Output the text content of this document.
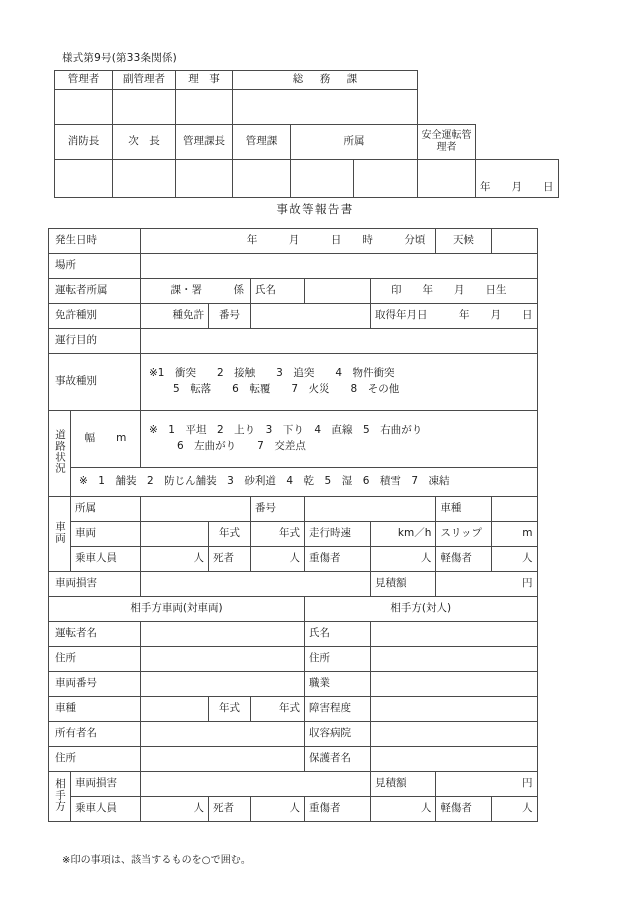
様式第9号(第33条関係)
管理者	副管理者	理　事	総　務　課				

消防長	次　長	管理課長	管理課	所属		安全運転管理者	
							年　　月　　日
事故等報告書
発生日時		年　　　月　　　日　　時　　　分頃					天候	
場所								
運転者所属		課・署　　　係		氏名		印　　年　　月　　日生		
免許種別		種免許	番号			取得年月日　　　年　　月　　日		
運行目的								
事故種別		※1　衝突　　2　接触　　3　追突　　4　物件衝突
5　転落　　6　転覆　　7　火災　　8　その他						

道路状況	幅　　m	※　1　平坦　2　上り　3　下り　4　直線　5　右曲がり
6　左曲がり　　7　交差点						

	※　1　舗装　2　防じん舗装　3　砂利道　4　乾　5　湿　6　積雪　7　凍結							
車両	所属			番号			車種	
	車両		年式	年式	走行時速	km／h	スリップ	m
	乗車人員	人	死者	人	重傷者	人	軽傷者	人
車両損害						見積額	円	
相手方車両(対車両)					相手方(対人)			
運転者名					氏名			
住所					住所			
車両番号					職業			
車種			年式	年式	障害程度			
所有者名					収容病院			
住所					保護者名			
相手方	車両損害					見積額	円	
	乗車人員	人	死者	人	重傷者	人	軽傷者	人
※印の事項は、該当するものを○で囲む。
